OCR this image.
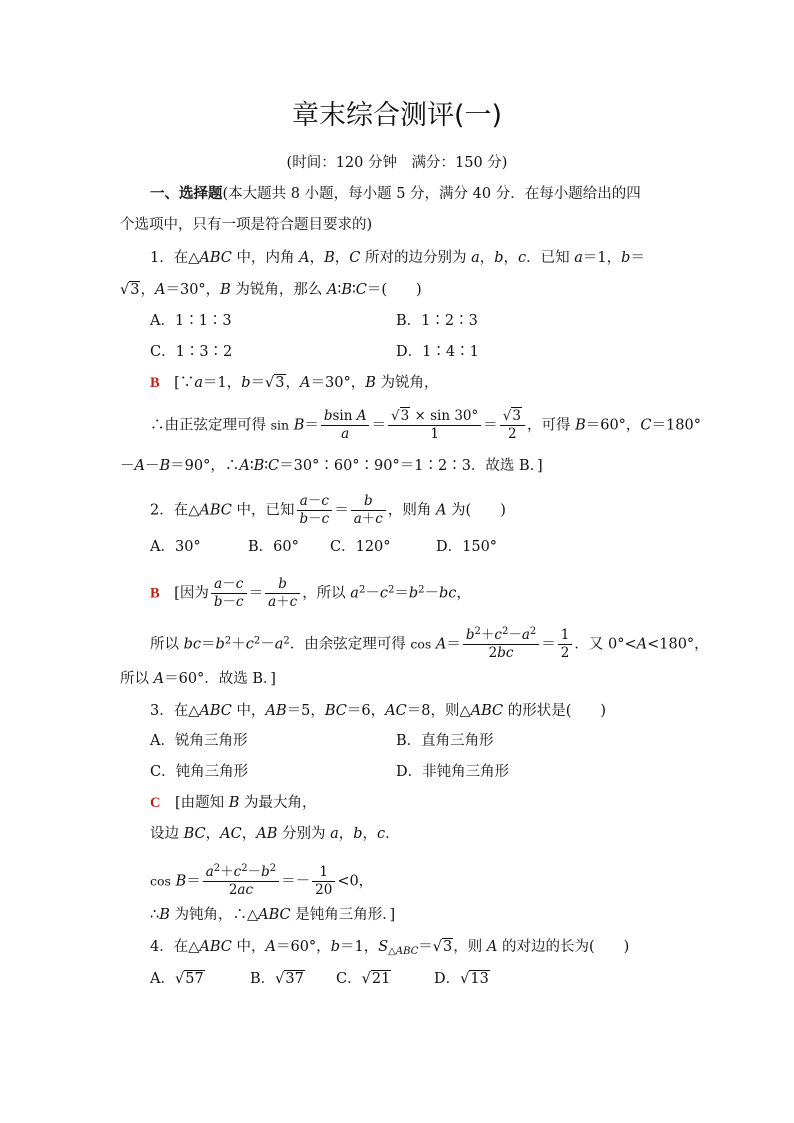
章末综合测评(一)
(时间：120 分钟　满分：150 分)
一、选择题(本大题共 8 小题，每小题 5 分，满分 40 分．在每小题给出的四
个选项中，只有一项是符合题目要求的)
1．在△ABC 中，内角 A，B，C 所对的边分别为 a，b，c．已知 a＝1，b＝
√3，A＝30°，B 为锐角，那么 A∶B∶C＝(　　)
A．1∶1∶3	B．1∶2∶3
C．1∶3∶2	D．1∶4∶1
B　[∵a＝1，b＝√3，A＝30°，B 为锐角，
∴由正弦定理可得 $\sin B= \frac{\text{bsin A}}{a} = \frac{√3 \times \sin 30^\circ}{1} = \frac{√3}{2}$ ，可得 B＝60°，C＝180°
－A－B＝90°，∴A∶B∶C＝30°∶60°∶90°＝1∶2∶3．故选 B．]
2．在△ABC 中，已知 $\frac{a-c}{b-c} = \frac{b}{a+c}$ ，则角 A 为(　　)
A．30°	B．60° C．120°	D．150°
B　[因为 $\frac{a-c}{b-c} = \frac{b}{a+c}$ ，所以 $a^2-c^2=b^2-bc$，
所以 $bc=b^2+c^2-a^2$．由余弦定理可得 $\cos A= \frac{b^2+c^2-a^2}{2bc} = \frac{1}{2}$ ．又 0°<A<180°，
所以 A＝60°．故选 B．]
3．在△ABC 中，AB＝5，BC＝6，AC＝8，则△ABC 的形状是(　　)
A．锐角三角形	B．直角三角形
C．钝角三角形	D．非钝角三角形
C　[由题知 B 为最大角，
设边 BC，AC，AB 分别为 a，b，c．
$\cos B= \frac{a^2+c^2-b^2}{2ac} =- \frac{1}{20} <0$，
∴B 为钝角，∴△ABC 是钝角三角形．]
4．在△ABC 中，A＝60°，b＝1，$S_{\triangle ABC}=√3$，则 A 的对边的长为(　　)
A．√57	B．√37 C．√21	D．√13
